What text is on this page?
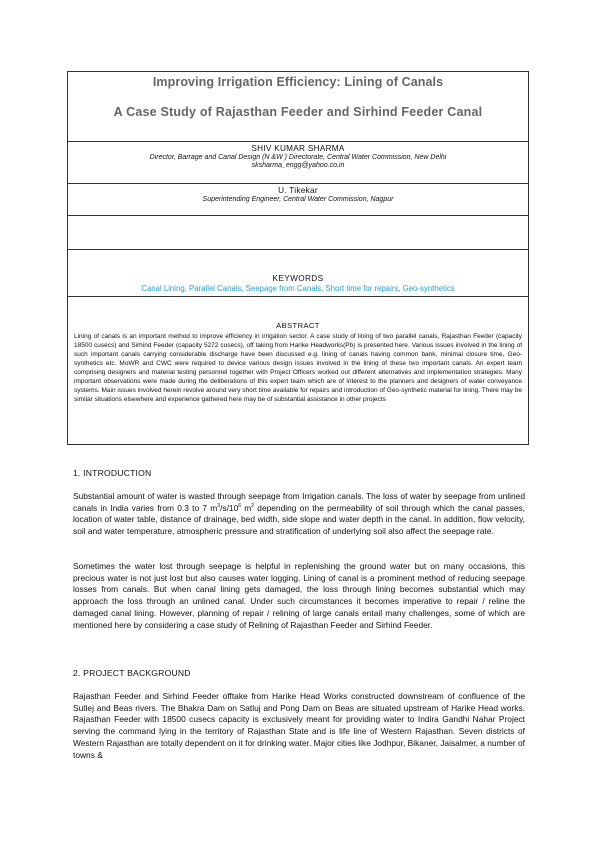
Improving Irrigation Efficiency: Lining of Canals
A Case Study of Rajasthan Feeder and Sirhind Feeder Canal
SHIV KUMAR SHARMA
Director, Barrage and Canal Design (N &W ) Directorate, Central Water Commission, New Delhi
sksharma_engg@yahoo.co.in
U. Tikekar
Superintending Engineer, Central Water Commission, Nagpur
KEYWORDS
Canal Lining, Parallel Canals, Seepage from Canals, Short time for repairs, Geo-synthetics
ABSTRACT
Lining of canals is an important method to improve efficiency in irrigation sector. A case study of lining of two parallel canals, Rajasthan Feeder (capacity 18500 cusecs) and Sirhind Feeder (capacity 5272 cusecs), off taking from Harike Headworks(Pb) is presented here. Various issues involved in the lining of such important canals carrying considerable discharge have been discussed e.g. lining of canals having common bank, minimal closure time, Geo-synthetics etc. MoWR and CWC were required to device various design issues involved in the lining of these two important canals. An expert team comprising designers and material testing personnel together with Project Officers worked out different alternatives and implementation strategies. Many important observations were made during the deliberations of this expert team which are of interest to the planners and designers of water conveyance systems. Main issues involved herein revolve around very short time available for repairs and introduction of Geo-synthetic material for lining. There may be similar situations elsewhere and experience gathered here may be of substantial assistance in other projects
1. INTRODUCTION
Substantial amount of water is wasted through seepage from Irrigation canals. The loss of water by seepage from unlined canals in India varies from 0.3 to 7 $m^3/s/10^6$ $m^2$ depending on the permeability of soil through which the canal passes, location of water table, distance of drainage, bed width, side slope and water depth in the canal. In addition, flow velocity, soil and water temperature, atmospheric pressure and stratification of underlying soil also affect the seepage rate.
Sometimes the water lost through seepage is helpful in replenishing the ground water but on many occasions, this precious water is not just lost but also causes water logging. Lining of canal is a prominent method of reducing seepage losses from canals. But when canal lining gets damaged, the loss through lining becomes substantial which may approach the loss through an unlined canal. Under such circumstances it becomes imperative to repair / reline the damaged canal lining. However, planning of repair / relining of large canals entail many challenges, some of which are mentioned here by considering a case study of Relining of Rajasthan Feeder and Sirhind Feeder.
2. PROJECT BACKGROUND
Rajasthan Feeder and Sirhind Feeder offtake from Harike Head Works constructed downstream of confluence of the Sutlej and Beas rivers. The Bhakra Dam on Satluj and Pong Dam on Beas are situated upstream of Harike Head works. Rajasthan Feeder with 18500 cusecs capacity is exclusively meant for providing water to Indira Gandhi Nahar Project serving the command lying in the territory of Rajasthan State and is life line of Western Rajasthan. Seven districts of Western Rajasthan are totally dependent on it for drinking water. Major cities like Jodhpur, Bikaner, Jaisalmer, a number of towns &
